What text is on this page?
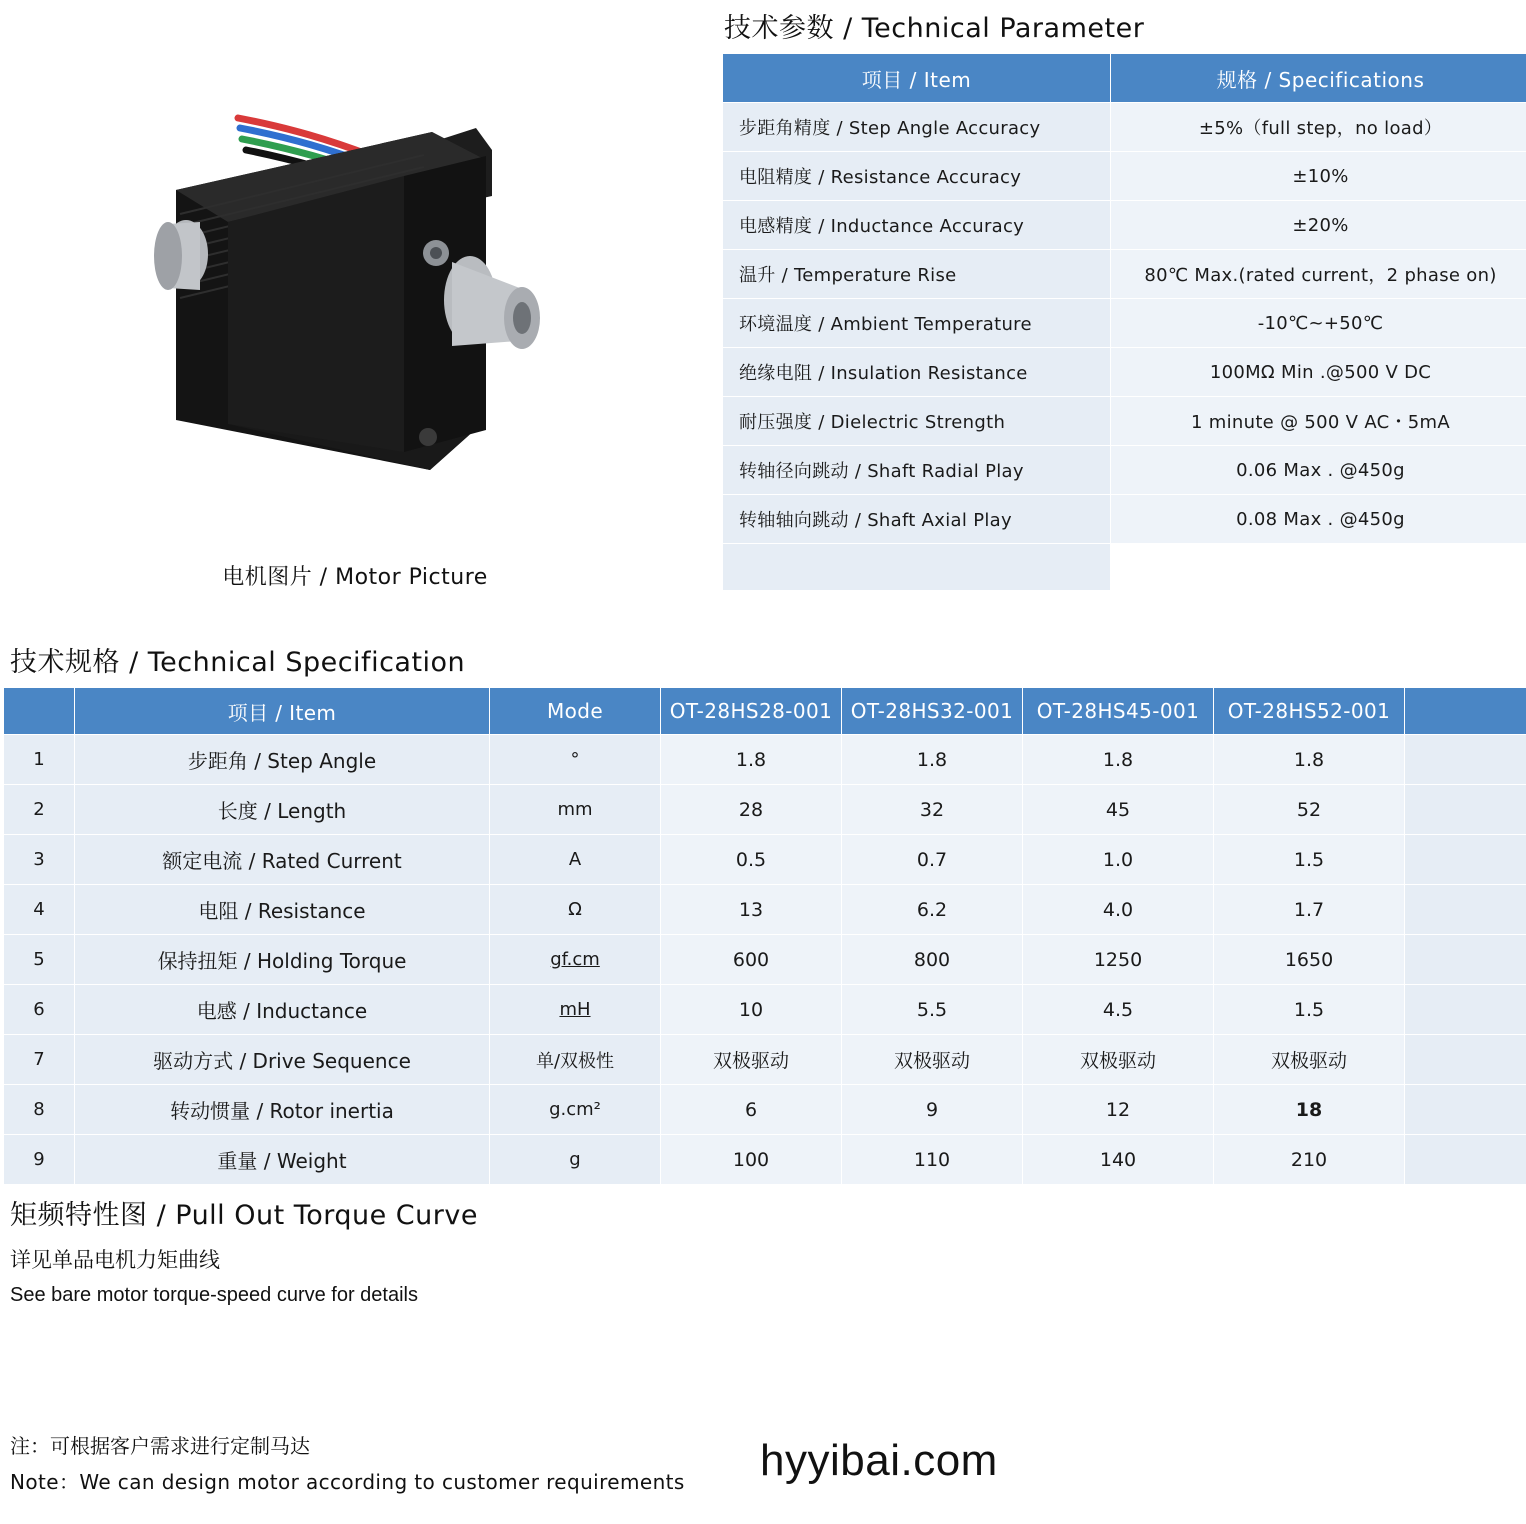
电机图片 / Motor Picture
技术参数 / Technical Parameter
项目 / Item	规格 / Specifications
步距角精度 / Step Angle Accuracy	±5%（full step，no load）
电阻精度 / Resistance Accuracy	±10%
电感精度 / Inductance Accuracy	±20%
温升 / Temperature Rise	80℃ Max.(rated current，2 phase on)
环境温度 / Ambient Temperature	-10℃~+50℃
绝缘电阻 / Insulation Resistance	100MΩ Min .@500 V DC
耐压强度 / Dielectric Strength	1 minute @ 500 V AC・5mA
转轴径向跳动 / Shaft Radial Play	0.06 Max . @450g
转轴轴向跳动 / Shaft Axial Play	0.08 Max . @450g

技术规格 / Technical Specification
	项目 / Item	Mode	OT-28HS28-001	OT-28HS32-001	OT-28HS45-001	OT-28HS52-001	
1	步距角 / Step Angle	°	1.8	1.8	1.8	1.8	
2	长度 / Length	mm	28	32	45	52	
3	额定电流 / Rated Current	A	0.5	0.7	1.0	1.5	
4	电阻 / Resistance	Ω	13	6.2	4.0	1.7	
5	保持扭矩 / Holding Torque	gf.cm	600	800	1250	1650	
6	电感 / Inductance	mH	10	5.5	4.5	1.5	
7	驱动方式 / Drive Sequence	单/双极性	双极驱动	双极驱动	双极驱动	双极驱动	
8	转动惯量 / Rotor inertia	g.cm²	6	9	12	18	
9	重量 / Weight	g	100	110	140	210	
矩频特性图 / Pull Out Torque Curve
详见单品电机力矩曲线
See bare motor torque-speed curve for details
注：可根据客户需求进行定制马达
Note：We can design motor according to customer requirements hyyibai.com
